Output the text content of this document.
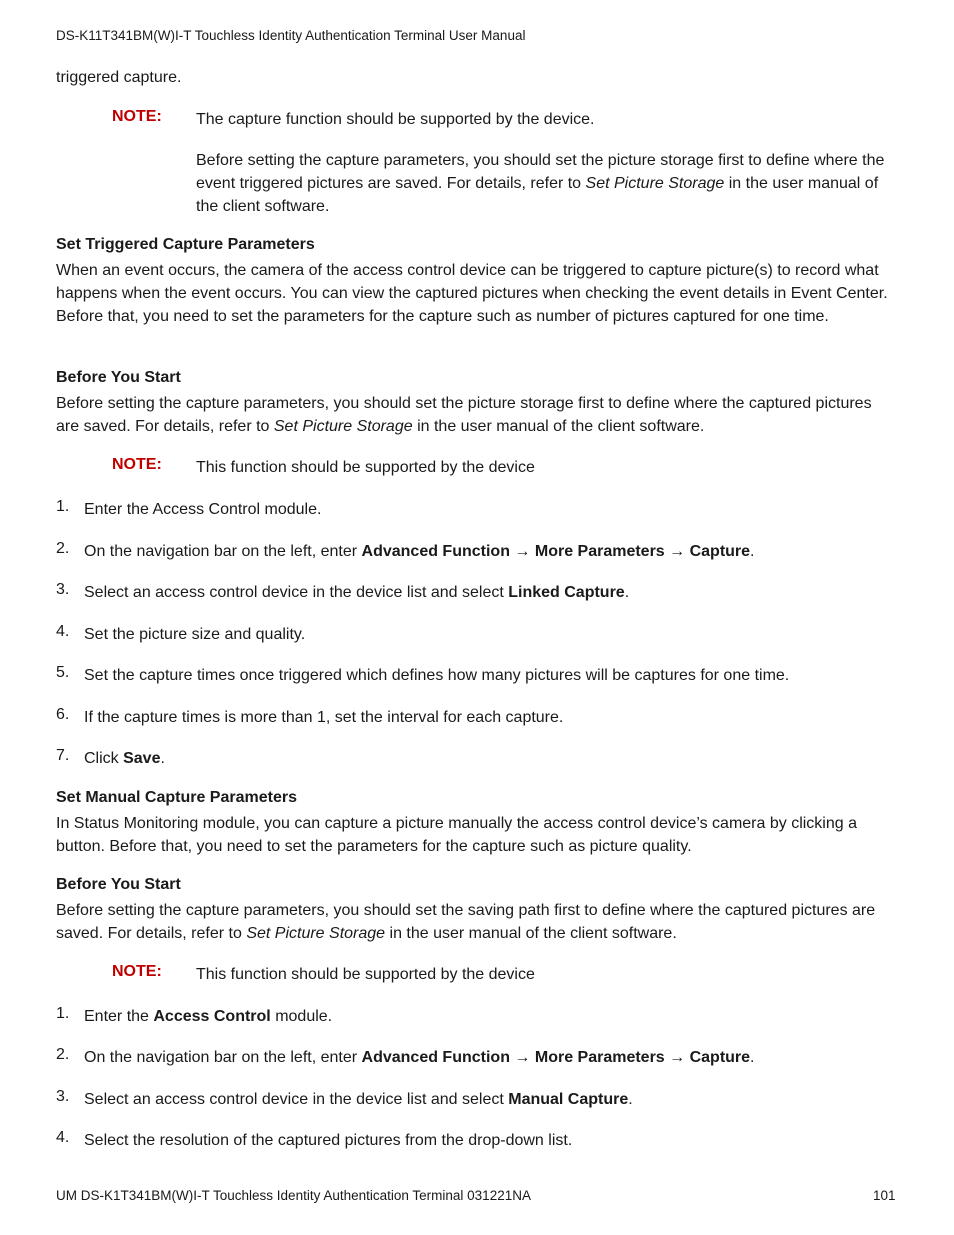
DS-K11T341BM(W)I-T Touchless Identity Authentication Terminal User Manual
triggered capture.
NOTE: The capture function should be supported by the device.
Before setting the capture parameters, you should set the picture storage first to define where the event triggered pictures are saved. For details, refer to Set Picture Storage in the user manual of the client software.
Set Triggered Capture Parameters
When an event occurs, the camera of the access control device can be triggered to capture picture(s) to record what happens when the event occurs. You can view the captured pictures when checking the event details in Event Center. Before that, you need to set the parameters for the capture such as number of pictures captured for one time.
Before You Start
Before setting the capture parameters, you should set the picture storage first to define where the captured pictures are saved. For details, refer to Set Picture Storage in the user manual of the client software.
NOTE: This function should be supported by the device
1. Enter the Access Control module.
2. On the navigation bar on the left, enter Advanced Function → More Parameters → Capture.
3. Select an access control device in the device list and select Linked Capture.
4. Set the picture size and quality.
5. Set the capture times once triggered which defines how many pictures will be captures for one time.
6. If the capture times is more than 1, set the interval for each capture.
7. Click Save.
Set Manual Capture Parameters
In Status Monitoring module, you can capture a picture manually the access control device’s camera by clicking a button. Before that, you need to set the parameters for the capture such as picture quality.
Before You Start
Before setting the capture parameters, you should set the saving path first to define where the captured pictures are saved. For details, refer to Set Picture Storage in the user manual of the client software.
NOTE: This function should be supported by the device
1. Enter the Access Control module.
2. On the navigation bar on the left, enter Advanced Function → More Parameters → Capture.
3. Select an access control device in the device list and select Manual Capture.
4. Select the resolution of the captured pictures from the drop-down list.
UM DS-K1T341BM(W)I-T Touchless Identity Authentication Terminal 031221NA	101
